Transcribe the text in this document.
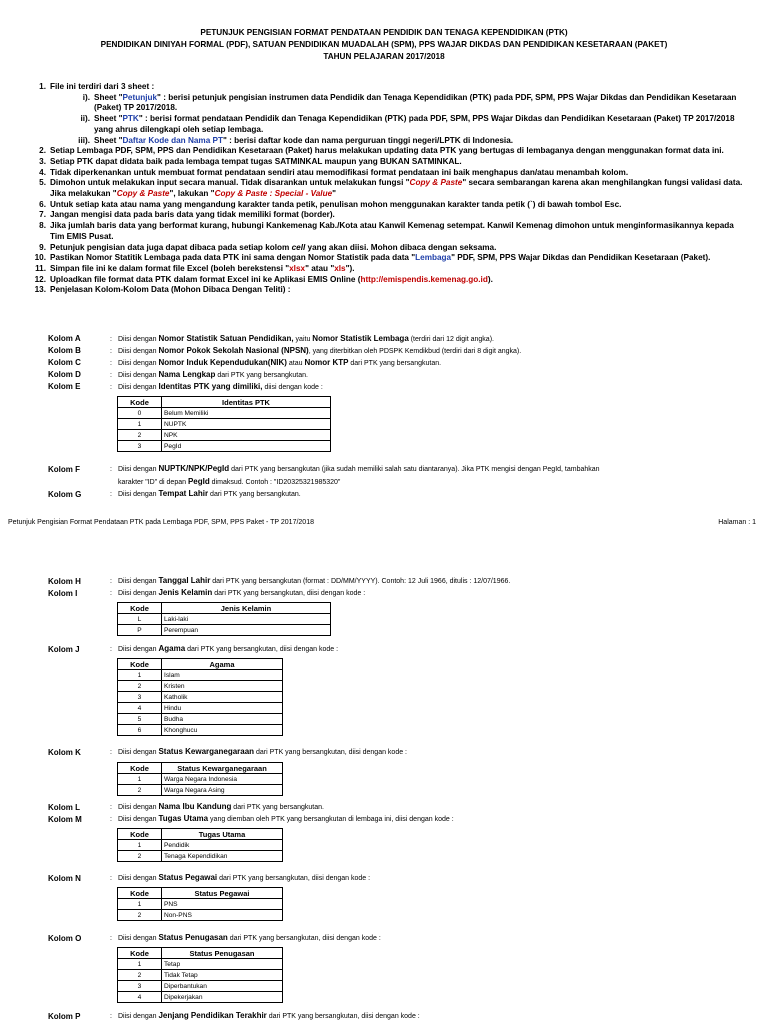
PETUNJUK PENGISIAN FORMAT PENDATAAN PENDIDIK DAN TENAGA KEPENDIDIKAN (PTK)
PENDIDIKAN DINIYAH FORMAL (PDF), SATUAN PENDIDIKAN MUADALAH (SPM), PPS WAJAR DIKDAS DAN PENDIDIKAN KESETARAAN (PAKET)
TAHUN PELAJARAN 2017/2018
1. File ini terdiri dari 3 sheet :
i). Sheet "Petunjuk" : berisi petunjuk pengisian instrumen data Pendidik dan Tenaga Kependidikan (PTK) pada PDF, SPM, PPS Wajar Dikdas dan Pendidikan Kesetaraan (Paket) TP 2017/2018.
ii). Sheet "PTK" : berisi format pendataan Pendidik dan Tenaga Kependidikan (PTK) pada PDF, SPM, PPS Wajar Dikdas dan Pendidikan Kesetaraan (Paket) TP 2017/2018 yang ahrus dilengkapi oleh setiap lembaga.
iii). Sheet "Daftar Kode dan Nama PT" : berisi daftar kode dan nama perguruan tinggi negeri/LPTK di Indonesia.
2. Setiap Lembaga PDF, SPM, PPS dan Pendidikan Kesetaraan (Paket) harus melakukan updating data PTK yang bertugas di lembaganya dengan menggunakan format data ini.
3. Setiap PTK dapat didata baik pada lembaga tempat tugas SATMINKAL maupun yang BUKAN SATMINKAL.
4. Tidak diperkenankan untuk membuat format pendataan sendiri atau memodifikasi format pendataan ini baik menghapus dan/atau menambah kolom.
5. Dimohon untuk melakukan input secara manual. Tidak disarankan untuk melakukan fungsi "Copy & Paste" secara sembarangan karena akan menghilangkan fungsi validasi data.
Jika melakukan "Copy & Paste", lakukan "Copy & Paste : Special - Value"
6. Untuk setiap kata atau nama yang mengandung karakter tanda petik, penulisan mohon menggunakan karakter tanda petik (`) di bawah tombol Esc.
7. Jangan mengisi data pada baris data yang tidak memiliki format (border).
8. Jika jumlah baris data yang berformat kurang, hubungi Kankemenag Kab./Kota atau Kanwil Kemenag setempat. Kanwil Kemenag dimohon untuk menginformasikannya kepada Tim EMIS Pusat.
9. Petunjuk pengisian data juga dapat dibaca pada setiap kolom cell yang akan diisi. Mohon dibaca dengan seksama.
10. Pastikan Nomor Statitik Lembaga pada data PTK ini sama dengan Nomor Statistik pada data "Lembaga" PDF, SPM, PPS Wajar Dikdas dan Pendidikan Kesetaraan (Paket).
11. Simpan file ini ke dalam format file Excel (boleh berekstensi "xlsx" atau "xls").
12. Uploadkan file format data PTK dalam format Excel ini ke Aplikasi EMIS Online (http://emispendis.kemenag.go.id).
13. Penjelasan Kolom-Kolom Data (Mohon Dibaca Dengan Teliti) :
Kolom A	: Diisi dengan Nomor Statistik Satuan Pendidikan, yaitu Nomor Statistik Lembaga (terdiri dari 12 digit angka).
Kolom B	: Diisi dengan Nomor Pokok Sekolah Nasional (NPSN), yang diterbitkan oleh PDSPK Kemdikbud (terdiri dari 8 digit angka).
Kolom C	: Diisi dengan Nomor Induk Kependudukan(NIK) atau Nomor KTP dari PTK yang bersangkutan.
Kolom D	: Diisi dengan Nama Lengkap dari PTK yang bersangkutan.
Kolom E	: Diisi dengan Identitas PTK yang dimiliki, diisi dengan kode :
Kode	Identitas PTK
0	Belum Memiliki
1	NUPTK
2	NPK
3	PegId
Kolom F	: Diisi dengan NUPTK/NPK/PegId dari PTK yang bersangkutan (jika sudah memiliki salah satu diantaranya). Jika PTK mengisi dengan PegId, tambahkan
karakter "ID" di depan PegId dimaksud. Contoh : "ID20325321985320"
Kolom G	: Diisi dengan Tempat Lahir dari PTK yang bersangkutan.
Petunjuk Pengisian Format Pendataan PTK pada Lembaga PDF, SPM, PPS Paket - TP 2017/2018	Halaman : 1
Kolom H	: Diisi dengan Tanggal Lahir dari PTK yang bersangkutan (format : DD/MM/YYYY). Contoh: 12 Juli 1966, ditulis : 12/07/1966.
Kolom I	: Diisi dengan Jenis Kelamin dari PTK yang bersangkutan, diisi dengan kode :
Kode	Jenis Kelamin
L	Laki-laki
P	Perempuan
Kolom J	: Diisi dengan Agama dari PTK yang bersangkutan, diisi dengan kode :
Kode	Agama
1	Islam
2	Kristen
3	Katholik
4	Hindu
5	Budha
6	Khonghucu
Kolom K	: Diisi dengan Status Kewarganegaraan dari PTK yang bersangkutan, diisi dengan kode :
Kode	Status Kewarganegaraan
1	Warga Negara Indonesia
2	Warga Negara Asing
Kolom L	: Diisi dengan Nama Ibu Kandung dari PTK yang bersangkutan.
Kolom M	: Diisi dengan Tugas Utama yang diemban oleh PTK yang bersangkutan di lembaga ini, diisi dengan kode :
Kode	Tugas Utama
1	Pendidik
2	Tenaga Kependidikan
Kolom N	: Diisi dengan Status Pegawai dari PTK yang bersangkutan, diisi dengan kode :
Kode	Status Pegawai
1	PNS
2	Non-PNS
Kolom O	: Diisi dengan Status Penugasan dari PTK yang bersangkutan, diisi dengan kode :
Kode	Status Penugasan
1	Tetap
2	Tidak Tetap
3	Diperbantukan
4	Dipekerjakan
Kolom P	: Diisi dengan Jenjang Pendidikan Terakhir dari PTK yang bersangkutan, diisi dengan kode :
